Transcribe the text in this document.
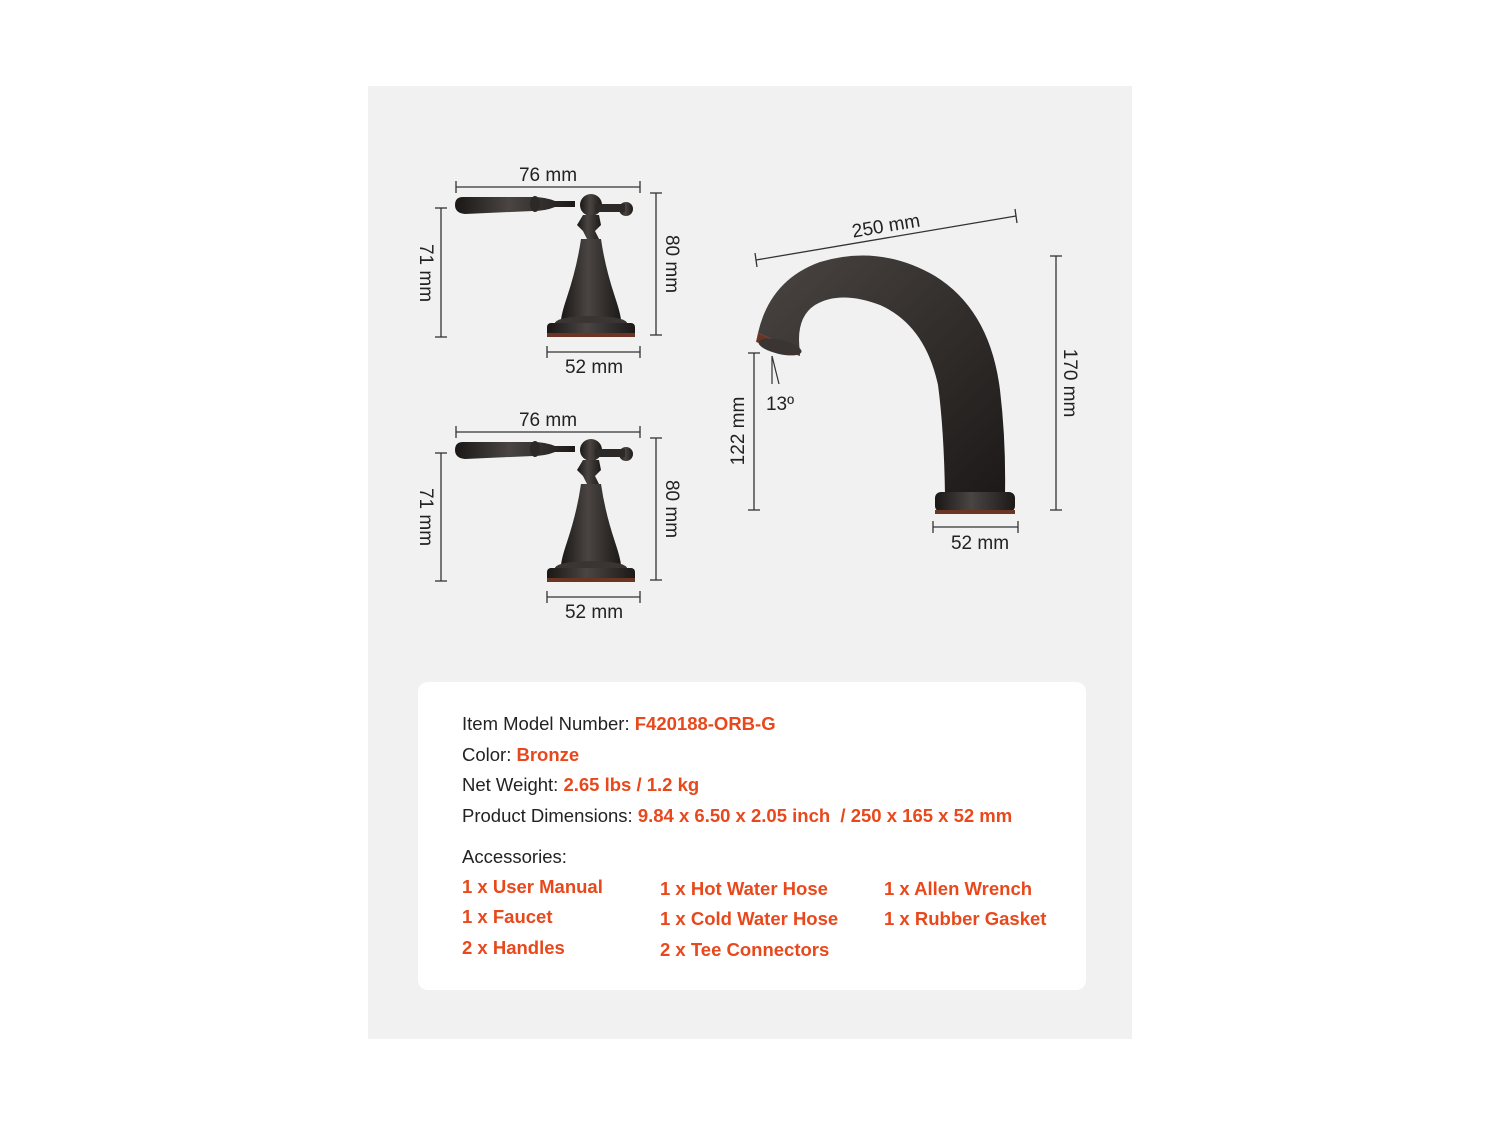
76 mm
80 mm
71 mm
52 mm
76 mm
80 mm
71 mm
52 mm
250 mm
170 mm
122 mm 13º
52 mm
Item Model Number: F420188-ORB-G
Color: Bronze
Net Weight: 2.65 lbs / 1.2 kg
Product Dimensions: 9.84 x 6.50 x 2.05 inch  / 250 x 165 x 52 mm
Accessories:
1 x User Manual
1 x Faucet
2 x Handles
1 x Hot Water Hose
1 x Cold Water Hose
2 x Tee Connectors
1 x Allen Wrench
1 x Rubber Gasket
